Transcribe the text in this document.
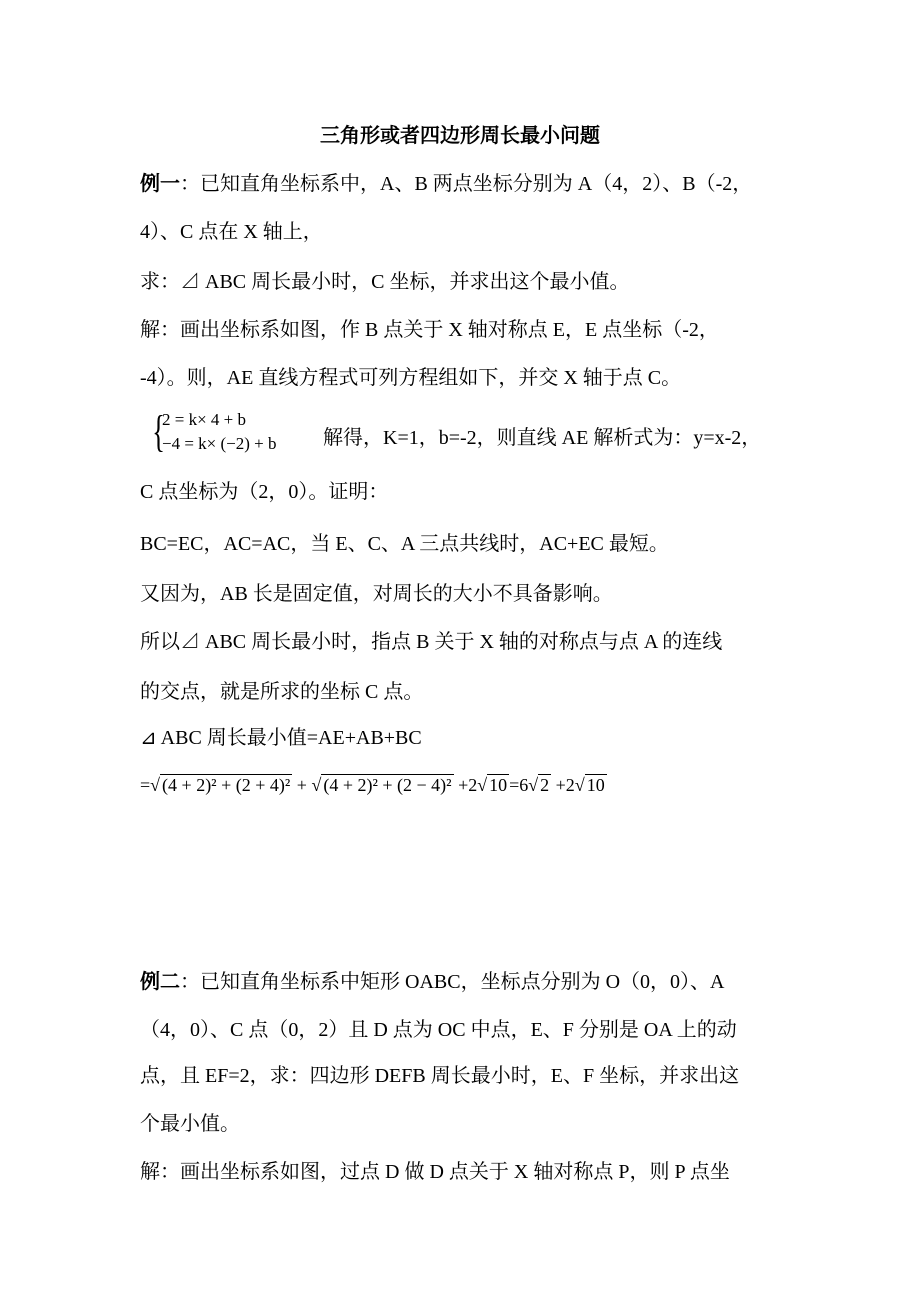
三角形或者四边形周长最小问题
例一：已知直角坐标系中，A、B 两点坐标分别为 A（4，2）、B（-2，
4）、C 点在 X 轴上，
求：⊿ ABC 周长最小时，C 坐标，并求出这个最小值。
解：画出坐标系如图，作 B 点关于 X 轴对称点 E，E 点坐标（-2，
-4）。则，AE 直线方程式可列方程组如下，并交 X 轴于点 C。
{
2 = k× 4 + b
−4 = k× (−2) + b 解得，K=1，b=-2，则直线 AE 解析式为：y=x-2，
C 点坐标为（2，0）。证明：
BC=EC，AC=AC，当 E、C、A 三点共线时，AC+EC 最短。
又因为，AB 长是固定值，对周长的大小不具备影响。
所以⊿ ABC 周长最小时，指点 B 关于 X 轴的对称点与点 A 的连线
的交点，就是所求的坐标 C 点。
⊿ ABC 周长最小值=AE+AB+BC
=√ (4 + 2)² + (2 + 4)² + √ (4 + 2)² + (2 − 4)² +2√ 10 =6√ 2 +2√ 10
例二：已知直角坐标系中矩形 OABC，坐标点分别为 O（0，0）、A
（4，0）、C 点（0，2）且 D 点为 OC 中点，E、F 分别是 OA 上的动
点，且 EF=2，求：四边形 DEFB 周长最小时，E、F 坐标，并求出这
个最小值。
解：画出坐标系如图，过点 D 做 D 点关于 X 轴对称点 P，则 P 点坐
